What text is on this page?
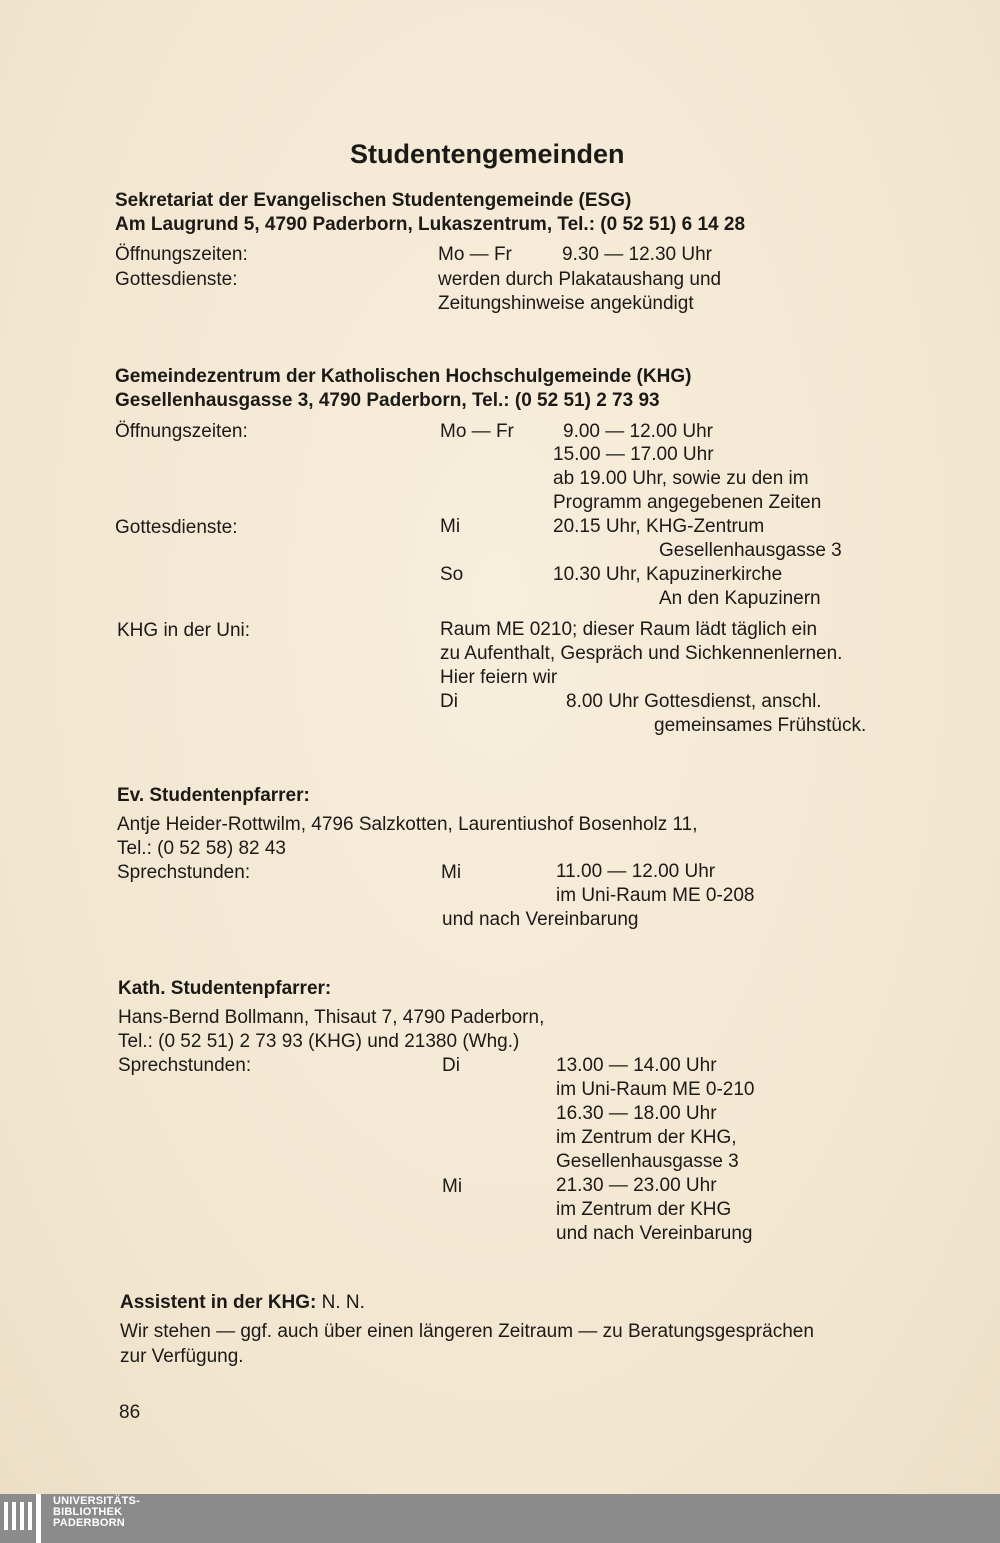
Studentengemeinden
Sekretariat der Evangelischen Studentengemeinde (ESG)
Am Laugrund 5, 4790 Paderborn, Lukaszentrum, Tel.: (0 52 51) 6 14 28
Öffnungszeiten:	Mo — Fr	9.30 — 12.30 Uhr
Gottesdienste:	werden durch Plakataushang und
Zeitungshinweise angekündigt
Gemeindezentrum der Katholischen Hochschulgemeinde (KHG)
Gesellenhausgasse 3, 4790 Paderborn, Tel.: (0 52 51) 2 73 93
Öffnungszeiten:	Mo — Fr	9.00 — 12.00 Uhr
15.00 — 17.00 Uhr
ab 19.00 Uhr, sowie zu den im
Programm angegebenen Zeiten
Gottesdienste:	Mi	20.15 Uhr, KHG-Zentrum
Gesellenhausgasse 3
So	10.30 Uhr, Kapuzinerkirche
An den Kapuzinern
KHG in der Uni:	Raum ME 0210; dieser Raum lädt täglich ein
zu Aufenthalt, Gespräch und Sichkennenlernen.
Hier feiern wir
Di	8.00 Uhr Gottesdienst, anschl.
gemeinsames Frühstück.
Ev. Studentenpfarrer:
Antje Heider-Rottwilm, 4796 Salzkotten, Laurentiushof Bosenholz 11,
Tel.: (0 52 58) 82 43
Sprechstunden:	Mi	11.00 — 12.00 Uhr
im Uni-Raum ME 0-208
und nach Vereinbarung
Kath. Studentenpfarrer:
Hans-Bernd Bollmann, Thisaut 7, 4790 Paderborn,
Tel.: (0 52 51) 2 73 93 (KHG) und 21380 (Whg.)
Sprechstunden:	Di	13.00 — 14.00 Uhr
im Uni-Raum ME 0-210
16.30 — 18.00 Uhr
im Zentrum der KHG,
Gesellenhausgasse 3
Mi	21.30 — 23.00 Uhr
im Zentrum der KHG
und nach Vereinbarung
Assistent in der KHG: N. N.
Wir stehen — ggf. auch über einen längeren Zeitraum — zu Beratungsgesprächen
zur Verfügung.
86
UNIVERSITÄTS-
BIBLIOTHEK
PADERBORN
